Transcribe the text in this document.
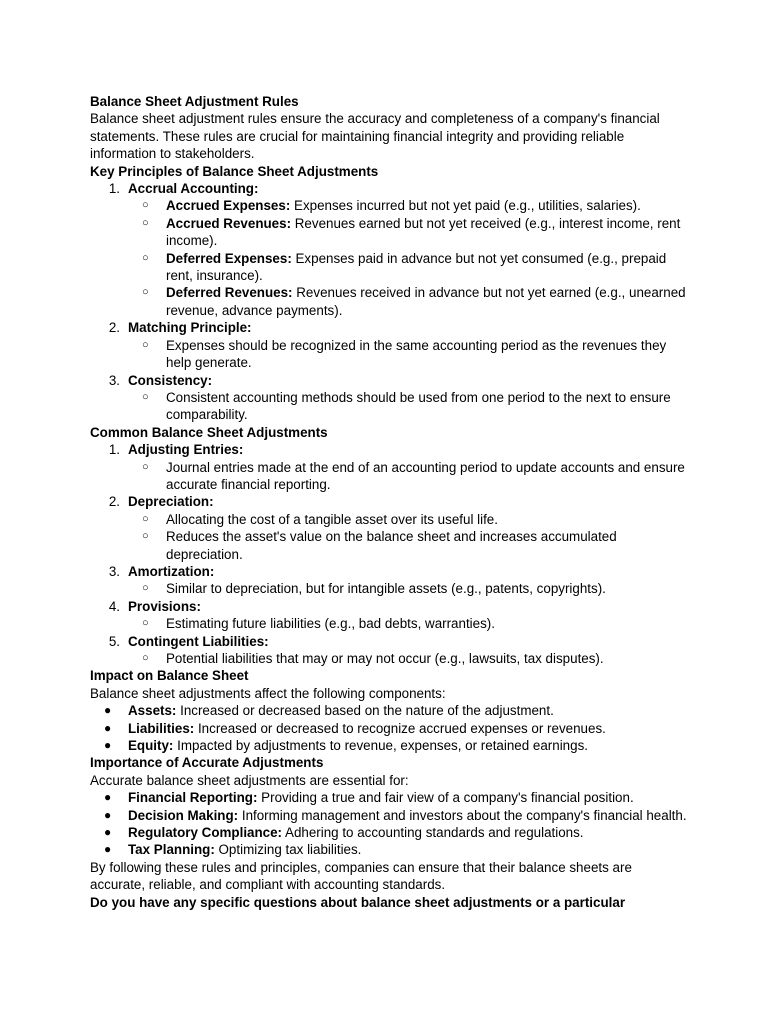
Balance Sheet Adjustment Rules

Balance sheet adjustment rules ensure the accuracy and completeness of a company's financial statements. These rules are crucial for maintaining financial integrity and providing reliable information to stakeholders.

Key Principles of Balance Sheet Adjustments

1. Accrual Accounting:
○ Accrued Expenses: Expenses incurred but not yet paid (e.g., utilities, salaries).
○ Accrued Revenues: Revenues earned but not yet received (e.g., interest income, rent income).
○ Deferred Expenses: Expenses paid in advance but not yet consumed (e.g., prepaid rent, insurance).
○ Deferred Revenues: Revenues received in advance but not yet earned (e.g., unearned revenue, advance payments).
2. Matching Principle:
○ Expenses should be recognized in the same accounting period as the revenues they help generate.
3. Consistency:
○ Consistent accounting methods should be used from one period to the next to ensure comparability.

Common Balance Sheet Adjustments

1. Adjusting Entries:
○ Journal entries made at the end of an accounting period to update accounts and ensure accurate financial reporting.
2. Depreciation:
○ Allocating the cost of a tangible asset over its useful life.
○ Reduces the asset's value on the balance sheet and increases accumulated depreciation.
3. Amortization:
○ Similar to depreciation, but for intangible assets (e.g., patents, copyrights).
4. Provisions:
○ Estimating future liabilities (e.g., bad debts, warranties).
5. Contingent Liabilities:
○ Potential liabilities that may or may not occur (e.g., lawsuits, tax disputes).

Impact on Balance Sheet

Balance sheet adjustments affect the following components:

● Assets: Increased or decreased based on the nature of the adjustment.
● Liabilities: Increased or decreased to recognize accrued expenses or revenues.
● Equity: Impacted by adjustments to revenue, expenses, or retained earnings.

Importance of Accurate Adjustments

Accurate balance sheet adjustments are essential for:

● Financial Reporting: Providing a true and fair view of a company's financial position.
● Decision Making: Informing management and investors about the company's financial health.
● Regulatory Compliance: Adhering to accounting standards and regulations.
● Tax Planning: Optimizing tax liabilities.

By following these rules and principles, companies can ensure that their balance sheets are accurate, reliable, and compliant with accounting standards.

Do you have any specific questions about balance sheet adjustments or a particular
